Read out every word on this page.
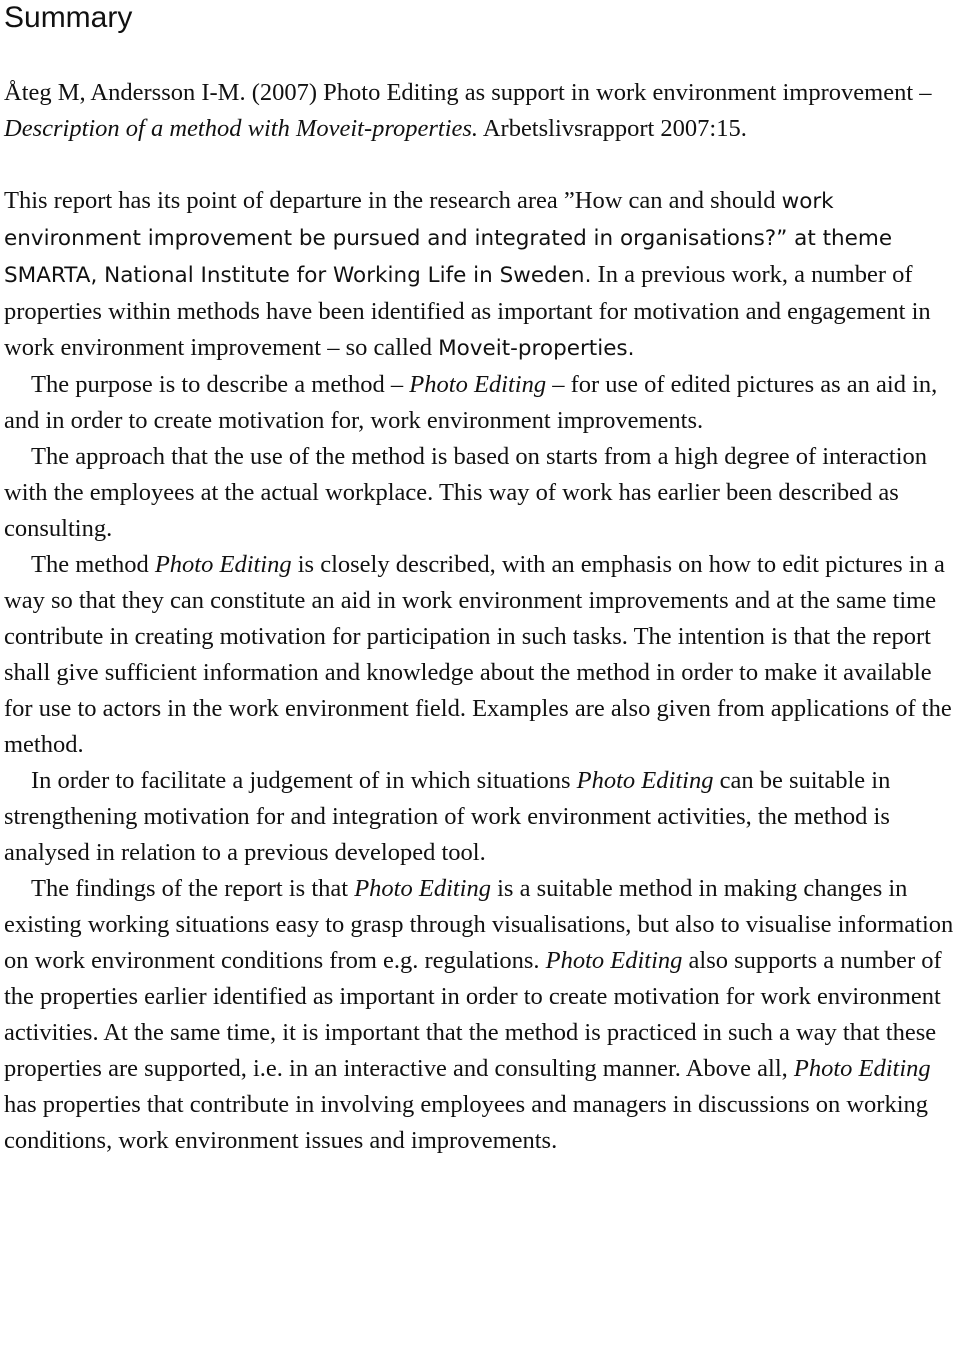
Summary

Åteg M, Andersson I-M. (2007) Photo Editing as support in work environment improvement – Description of a method with Moveit-properties. Arbetslivsrapport 2007:15.

This report has its point of departure in the research area ”How can and should work environment improvement be pursued and integrated in organisations?” at theme SMARTA, National Institute for Working Life in Sweden. In a previous work, a number of properties within methods have been identified as important for motivation and engagement in work environment improvement – so called Moveit-properties.

The purpose is to describe a method – Photo Editing – for use of edited pictures as an aid in, and in order to create motivation for, work environment improvements.

The approach that the use of the method is based on starts from a high degree of interaction with the employees at the actual workplace. This way of work has earlier been described as consulting.

The method Photo Editing is closely described, with an emphasis on how to edit pictures in a way so that they can constitute an aid in work environment improvements and at the same time contribute in creating motivation for participation in such tasks. The intention is that the report shall give sufficient information and knowledge about the method in order to make it available for use to actors in the work environment field. Examples are also given from applications of the method.

In order to facilitate a judgement of in which situations Photo Editing can be suitable in strengthening motivation for and integration of work environment activities, the method is analysed in relation to a previous developed tool.

The findings of the report is that Photo Editing is a suitable method in making changes in existing working situations easy to grasp through visualisations, but also to visualise information on work environment conditions from e.g. regulations. Photo Editing also supports a number of the properties earlier identified as important in order to create motivation for work environment activities. At the same time, it is important that the method is practiced in such a way that these properties are supported, i.e. in an interactive and consulting manner. Above all, Photo Editing has properties that contribute in involving employees and managers in discussions on working conditions, work environment issues and improvements.
